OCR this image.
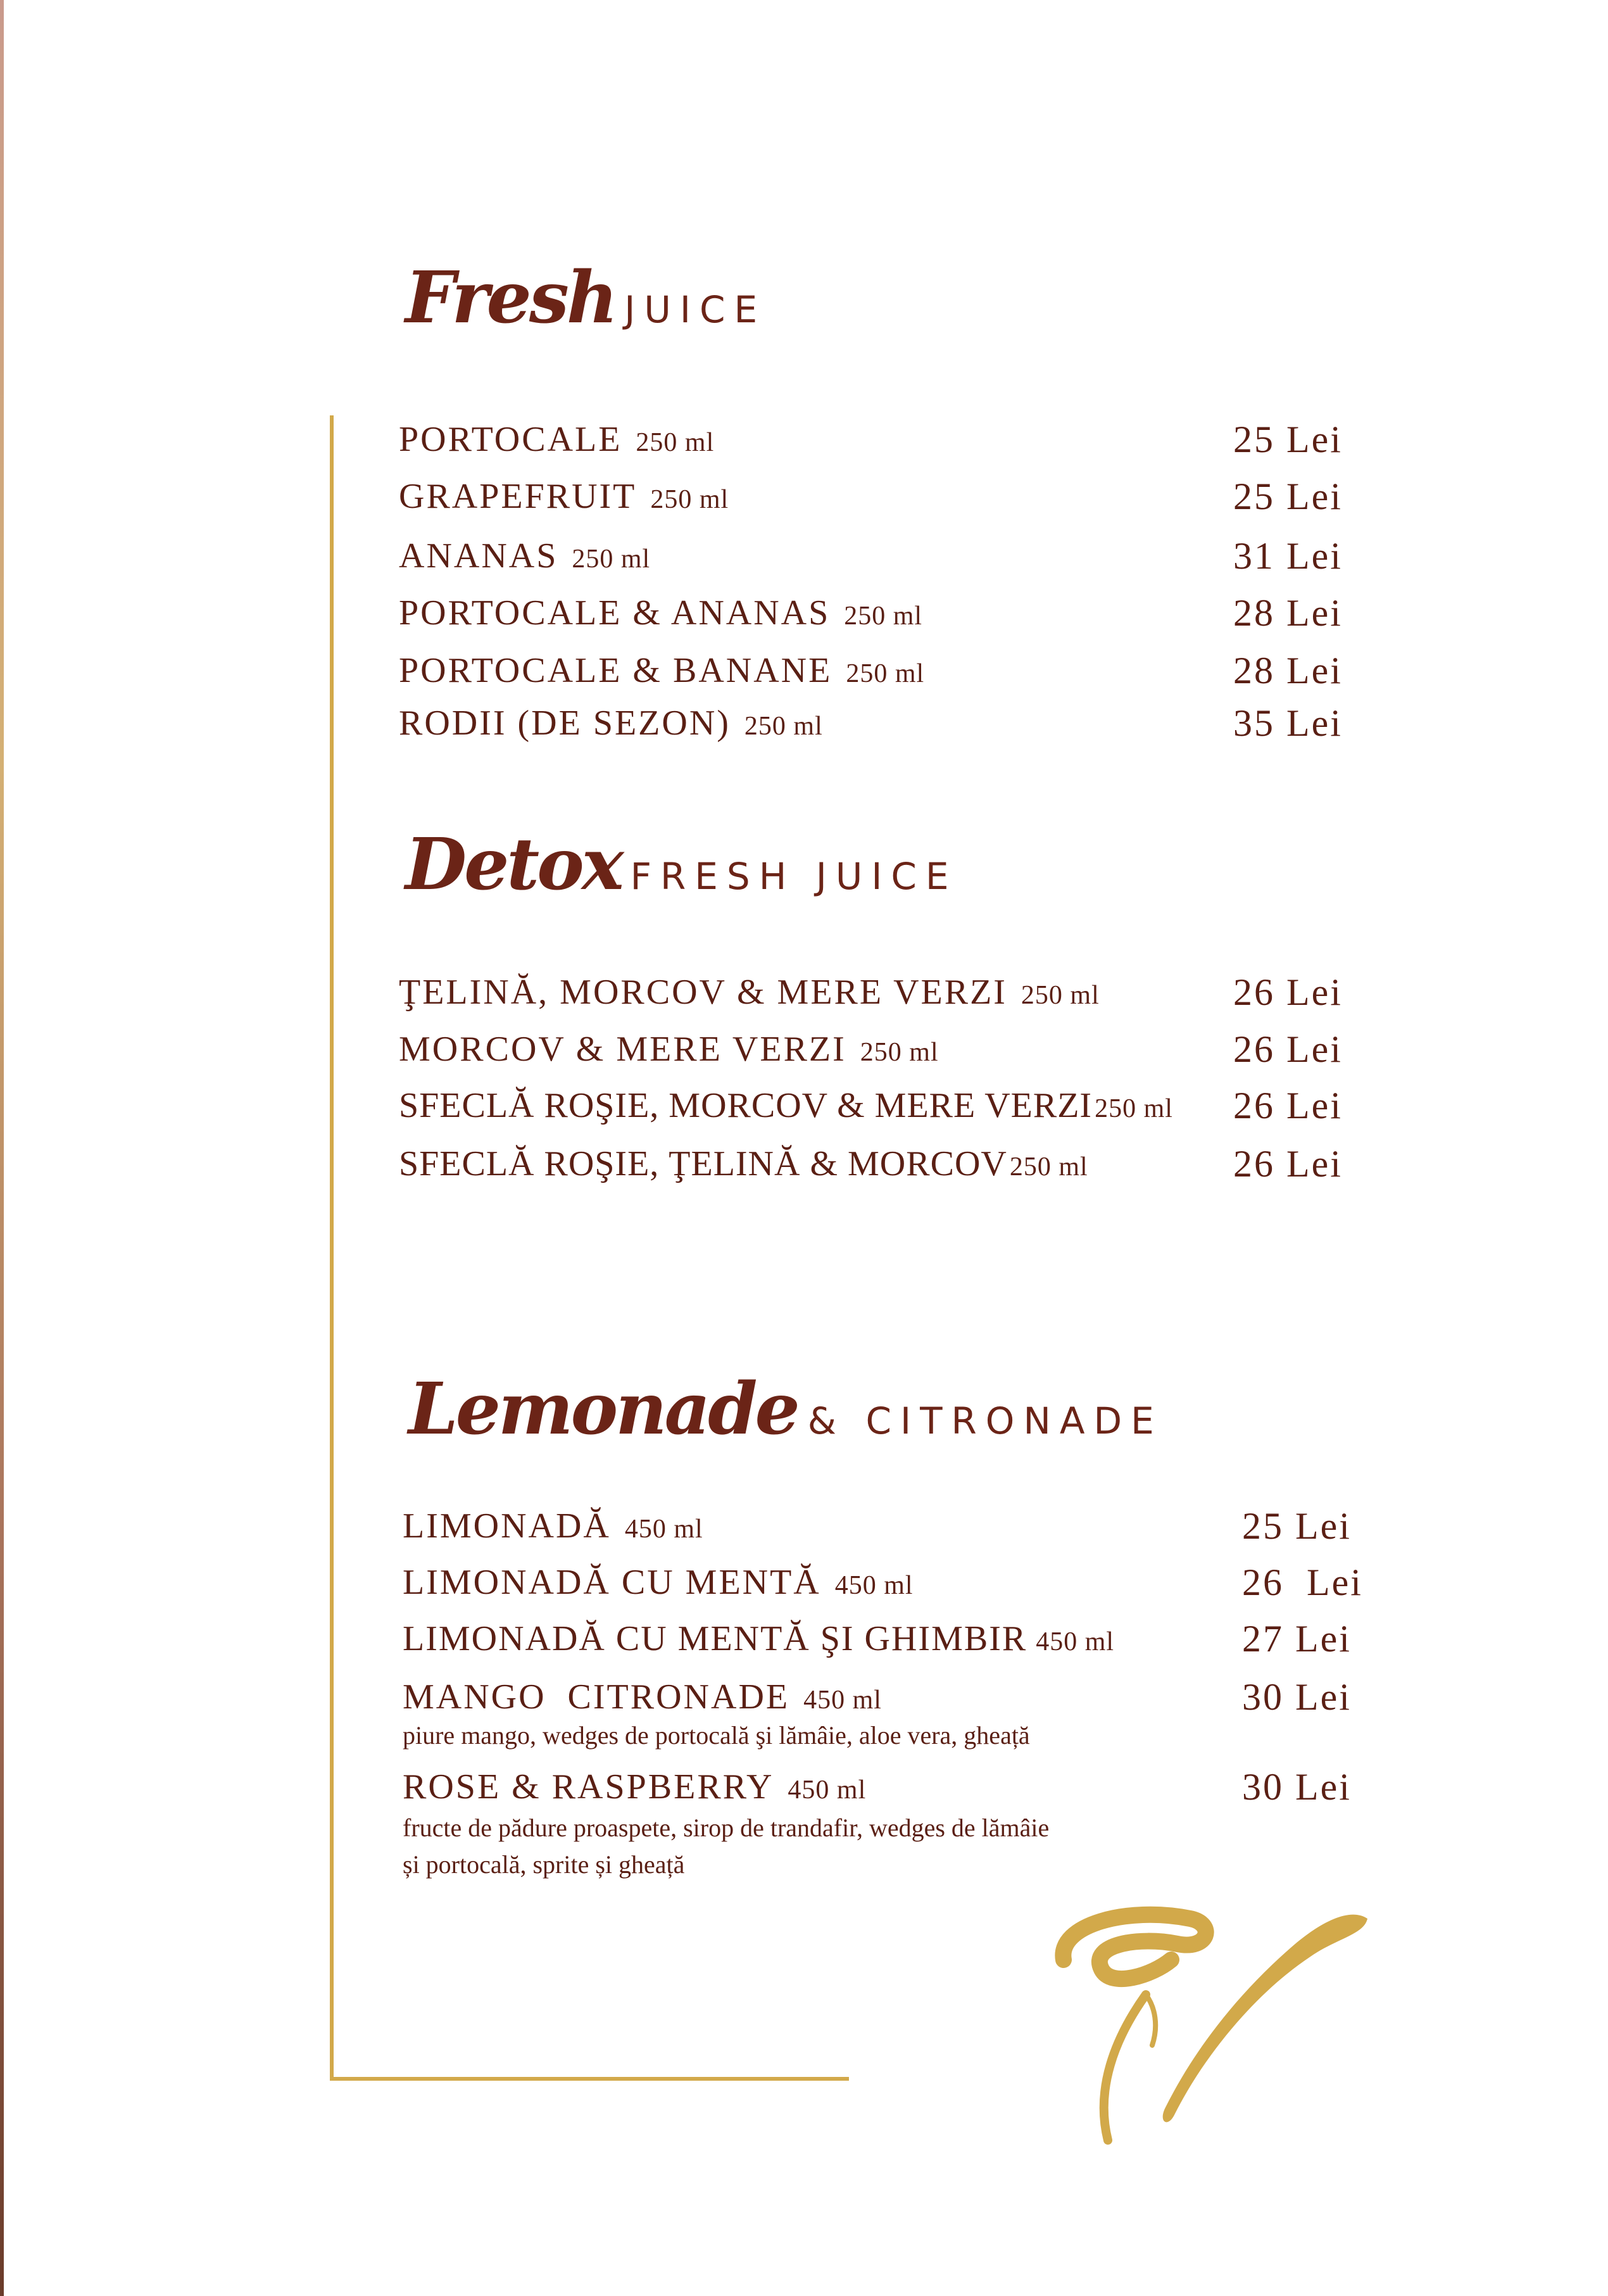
Fresh JUICE
PORTOCALE 250 ml	25 Lei
GRAPEFRUIT 250 ml	25 Lei
ANANAS 250 ml	31 Lei
PORTOCALE & ANANAS 250 ml	28 Lei
PORTOCALE & BANANE 250 ml	28 Lei
RODII (DE SEZON) 250 ml	35 Lei
Detox FRESH JUICE
ŢELINĂ, MORCOV & MERE VERZI 250 ml	26 Lei
MORCOV & MERE VERZI 250 ml	26 Lei
SFECLĂ ROŞIE, MORCOV & MERE VERZI250 ml 26 Lei
SFECLĂ ROŞIE, ŢELINĂ & MORCOV250 ml	26 Lei
Lemonade & CITRONADE
LIMONADĂ 450 ml	25 Lei
LIMONADĂ CU MENTĂ 450 ml	26  Lei
LIMONADĂ CU MENTĂ ŞI GHIMBIR 450 ml	27 Lei
MANGO  CITRONADE 450 ml	30 Lei
piure mango, wedges de portocală şi lămâie, aloe vera, gheață
ROSE & RASPBERRY 450 ml	30 Lei
fructe de pădure proaspete, sirop de trandafir, wedges de lămâie
și portocală, sprite și gheață
